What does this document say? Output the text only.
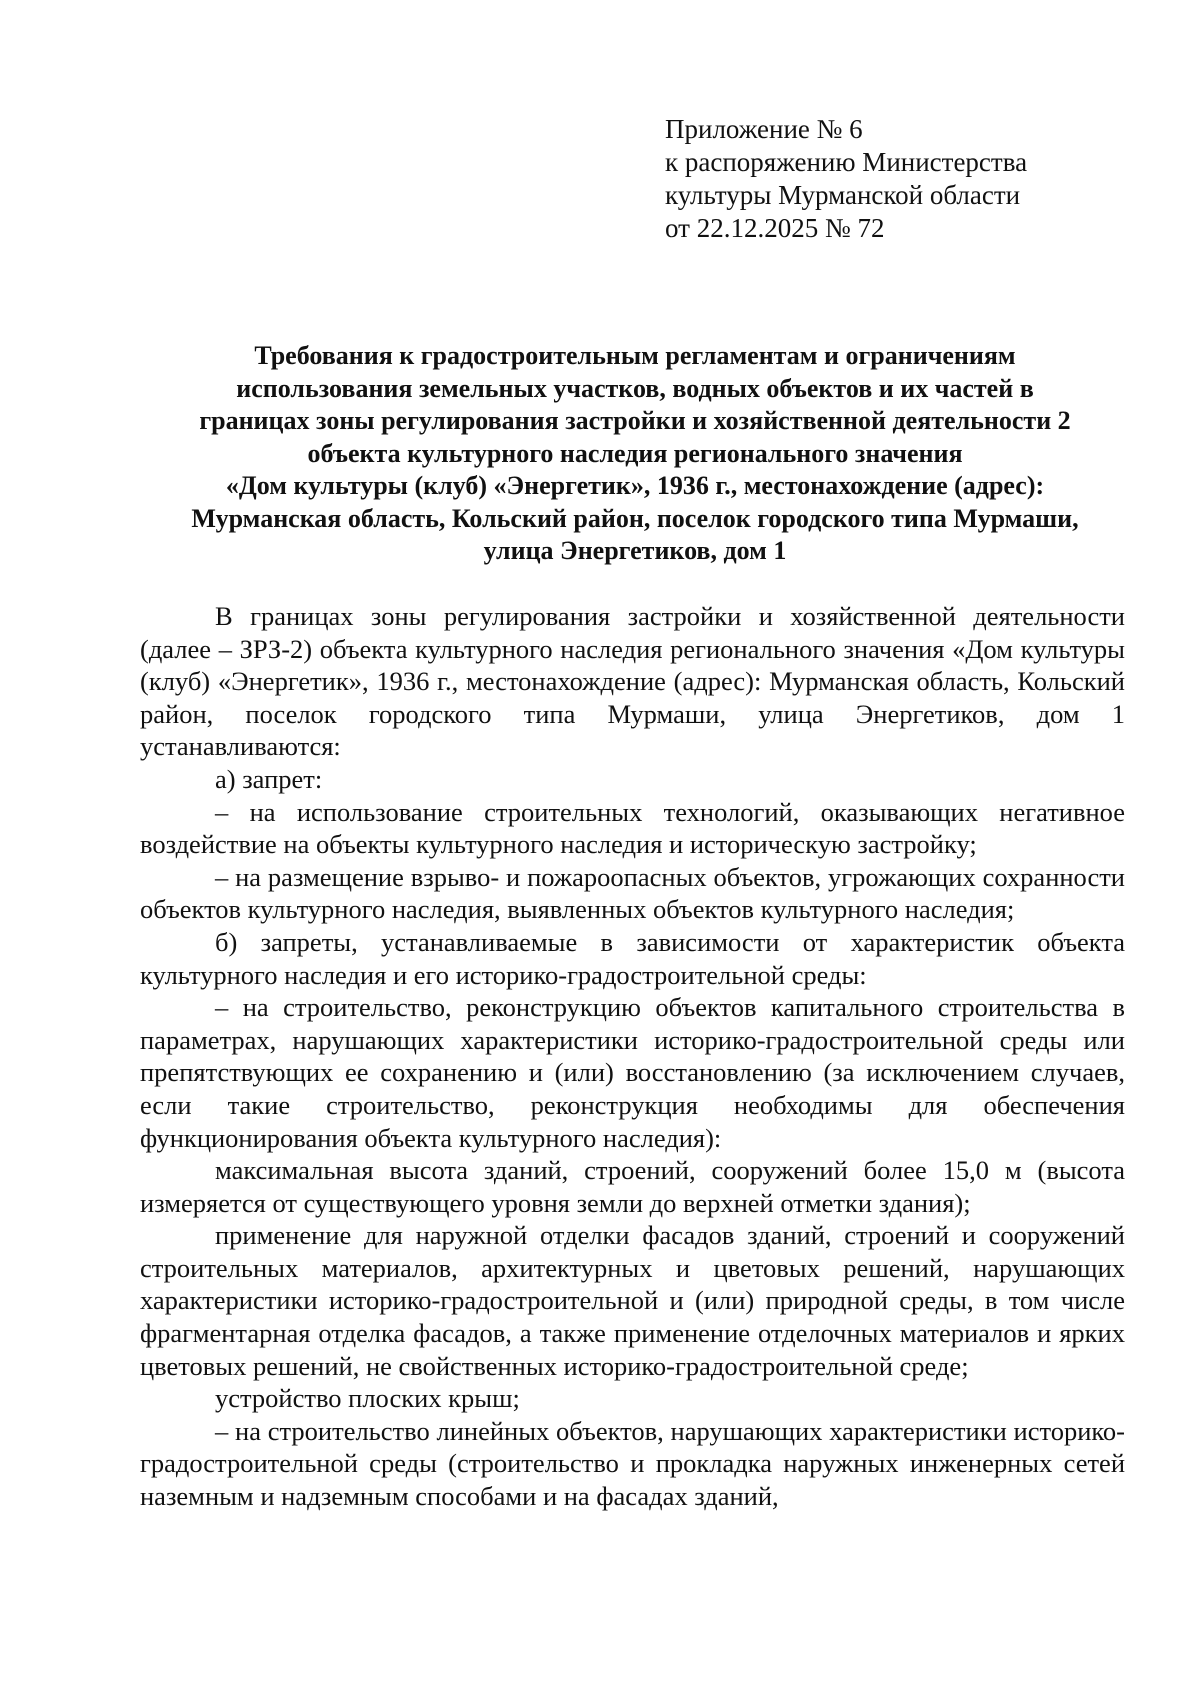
Приложение № 6
к распоряжению Министерства
культуры Мурманской области
от 22.12.2025 № 72
Требования к градостроительным регламентам и ограничениям
использования земельных участков, водных объектов и их частей в
границах зоны регулирования застройки и хозяйственной деятельности 2
объекта культурного наследия регионального значения
«Дом культуры (клуб) «Энергетик», 1936 г., местонахождение (адрес):
Мурманская область, Кольский район, поселок городского типа Мурмаши,
улица Энергетиков, дом 1

В границах зоны регулирования застройки и хозяйственной деятельности (далее – ЗРЗ-2) объекта культурного наследия регионального значения «Дом культуры (клуб) «Энергетик», 1936 г., местонахождение (адрес): Мурманская область, Кольский район, поселок городского типа Мурмаши, улица Энергетиков, дом 1 устанавливаются:

а) запрет:

– на использование строительных технологий, оказывающих негативное воздействие на объекты культурного наследия и историческую застройку;

– на размещение взрыво- и пожароопасных объектов, угрожающих сохранности объектов культурного наследия, выявленных объектов культурного наследия;

б) запреты, устанавливаемые в зависимости от характеристик объекта культурного наследия и его историко-градостроительной среды:

– на строительство, реконструкцию объектов капитального строительства в параметрах, нарушающих характеристики историко-градостроительной среды или препятствующих ее сохранению и (или) восстановлению (за исключением случаев, если такие строительство, реконструкция необходимы для обеспечения функционирования объекта культурного наследия):

максимальная высота зданий, строений, сооружений более 15,0 м (высота измеряется от существующего уровня земли до верхней отметки здания);

применение для наружной отделки фасадов зданий, строений и сооружений строительных материалов, архитектурных и цветовых решений, нарушающих характеристики историко-градостроительной и (или) природной среды, в том числе фрагментарная отделка фасадов, а также применение отделочных материалов и ярких цветовых решений, не свойственных историко-градостроительной среде;

устройство плоских крыш;

– на строительство линейных объектов, нарушающих характеристики историко-градостроительной среды (строительство и прокладка наружных инженерных сетей наземным и надземным способами и на фасадах зданий,
